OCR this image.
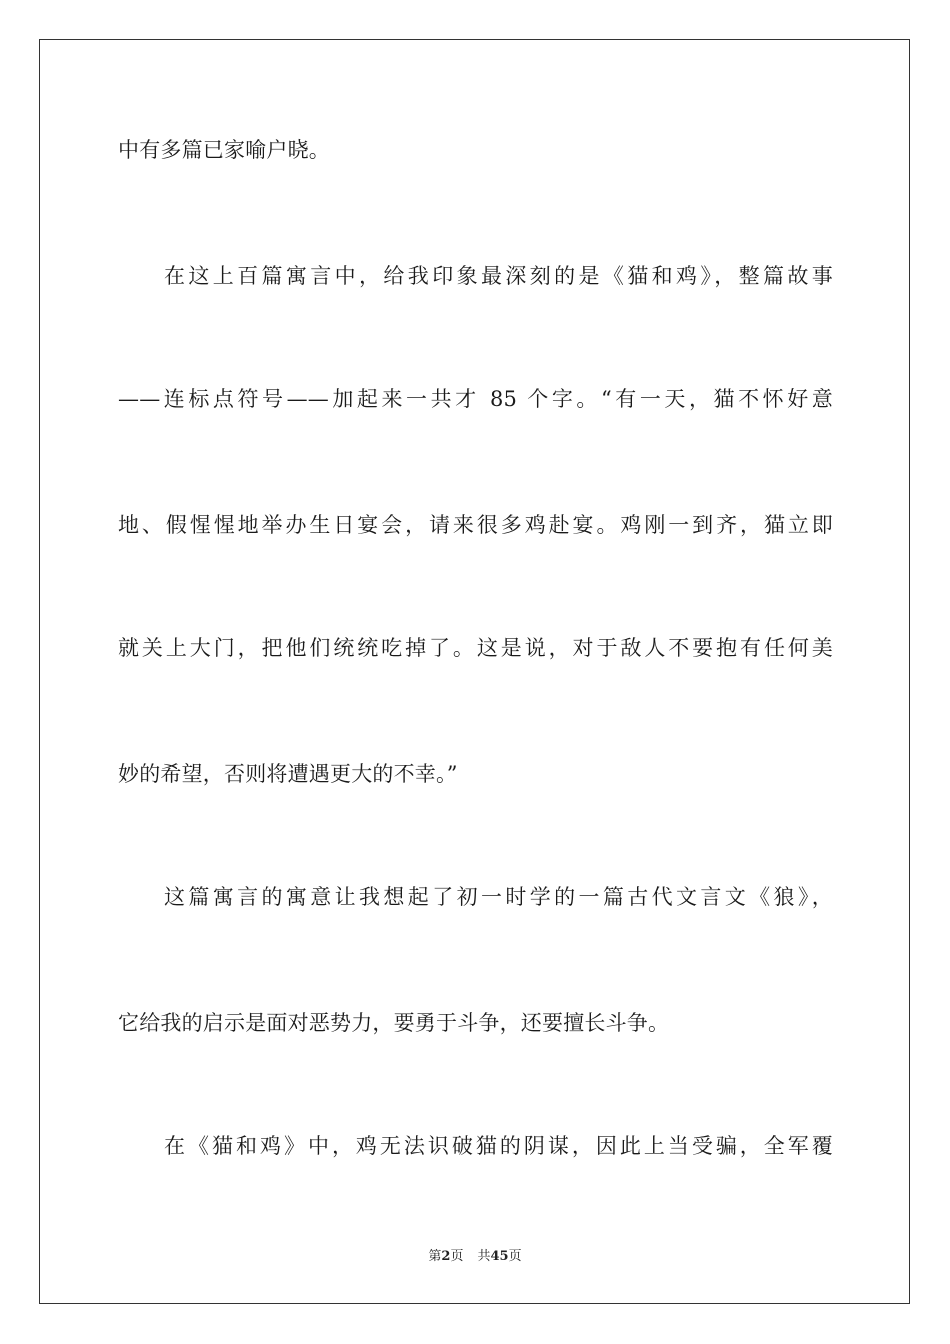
中有多篇已家喻户晓。
在这上百篇寓言中，给我印象最深刻的是《猫和鸡》，整篇故事
——连标点符号——加起来一共才 85 个字。“有一天，猫不怀好意
地、假惺惺地举办生日宴会，请来很多鸡赴宴。鸡刚一到齐，猫立即
就关上大门，把他们统统吃掉了。这是说，对于敌人不要抱有任何美
妙的希望，否则将遭遇更大的不幸。”
这篇寓言的寓意让我想起了初一时学的一篇古代文言文《狼》，
它给我的启示是面对恶势力，要勇于斗争，还要擅长斗争。
在《猫和鸡》中，鸡无法识破猫的阴谋，因此上当受骗，全军覆
第2页 共45页
